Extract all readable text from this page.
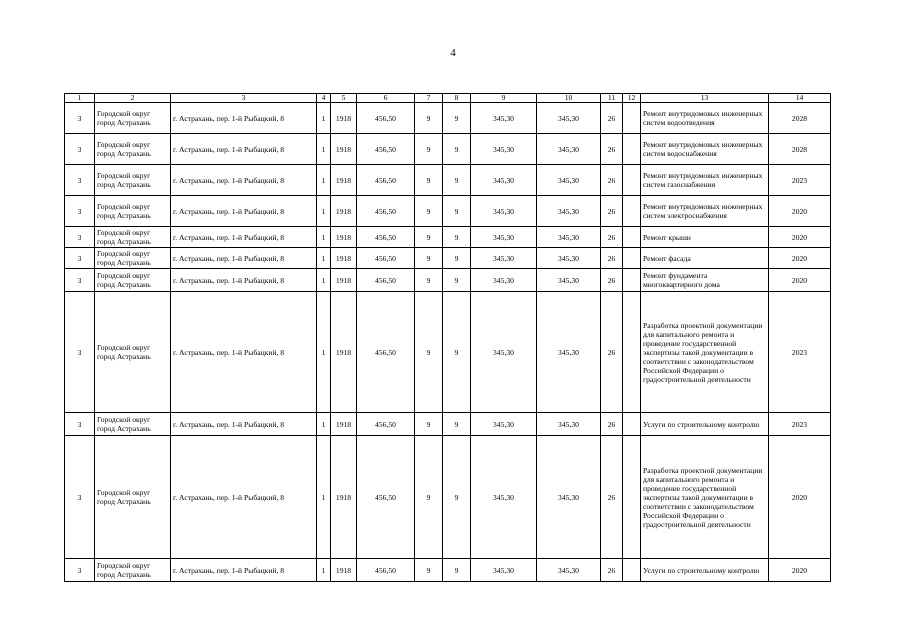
4
1	2	3	4	5	6	7	8	9	10	11	12	13	14
3	Городской округ город Астрахань	г. Астрахань, пер. 1-й Рыбацкий, 8	1	1918	456,50	9	9	345,30	345,30	26		Ремонт внутридомовых инженерных систем водоотведения	2028
3	Городской округ город Астрахань	г. Астрахань, пер. 1-й Рыбацкий, 8	1	1918	456,50	9	9	345,30	345,30	26		Ремонт внутридомовых инженерных систем водоснабжения	2028
3	Городской округ город Астрахань	г. Астрахань, пер. 1-й Рыбацкий, 8	1	1918	456,50	9	9	345,30	345,30	26		Ремонт внутридомовых инженерных систем газоснабжения	2023
3	Городской округ город Астрахань	г. Астрахань, пер. 1-й Рыбацкий, 8	1	1918	456,50	9	9	345,30	345,30	26		Ремонт внутридомовых инженерных систем электроснабжения	2020
3	Городской округ город Астрахань	г. Астрахань, пер. 1-й Рыбацкий, 8	1	1918	456,50	9	9	345,30	345,30	26		Ремонт крыши	2020
3	Городской округ город Астрахань	г. Астрахань, пер. 1-й Рыбацкий, 8	1	1918	456,50	9	9	345,30	345,30	26		Ремонт фасада	2020
3	Городской округ город Астрахань	г. Астрахань, пер. 1-й Рыбацкий, 8	1	1918	456,50	9	9	345,30	345,30	26		Ремонт фундамента многоквартирного дома	2020
3	Городской округ город Астрахань	г. Астрахань, пер. 1-й Рыбацкий, 8	1	1918	456,50	9	9	345,30	345,30	26		Разработка проектной документации для капитального ремонта и проведение государственной экспертизы такой документации в соответствии с законодательством Российской Федерации о градостроительной деятельности	2023
3	Городской округ город Астрахань	г. Астрахань, пер. 1-й Рыбацкий, 8	1	1918	456,50	9	9	345,30	345,30	26		Услуги по строительному контролю	2023
3	Городской округ город Астрахань	г. Астрахань, пер. 1-й Рыбацкий, 8	1	1918	456,50	9	9	345,30	345,30	26		Разработка проектной документации для капитального ремонта и проведение государственной экспертизы такой документации в соответствии с законодательством Российской Федерации о градостроительной деятельности	2020
3	Городской округ город Астрахань	г. Астрахань, пер. 1-й Рыбацкий, 8	1	1918	456,50	9	9	345,30	345,30	26		Услуги по строительному контролю	2020
